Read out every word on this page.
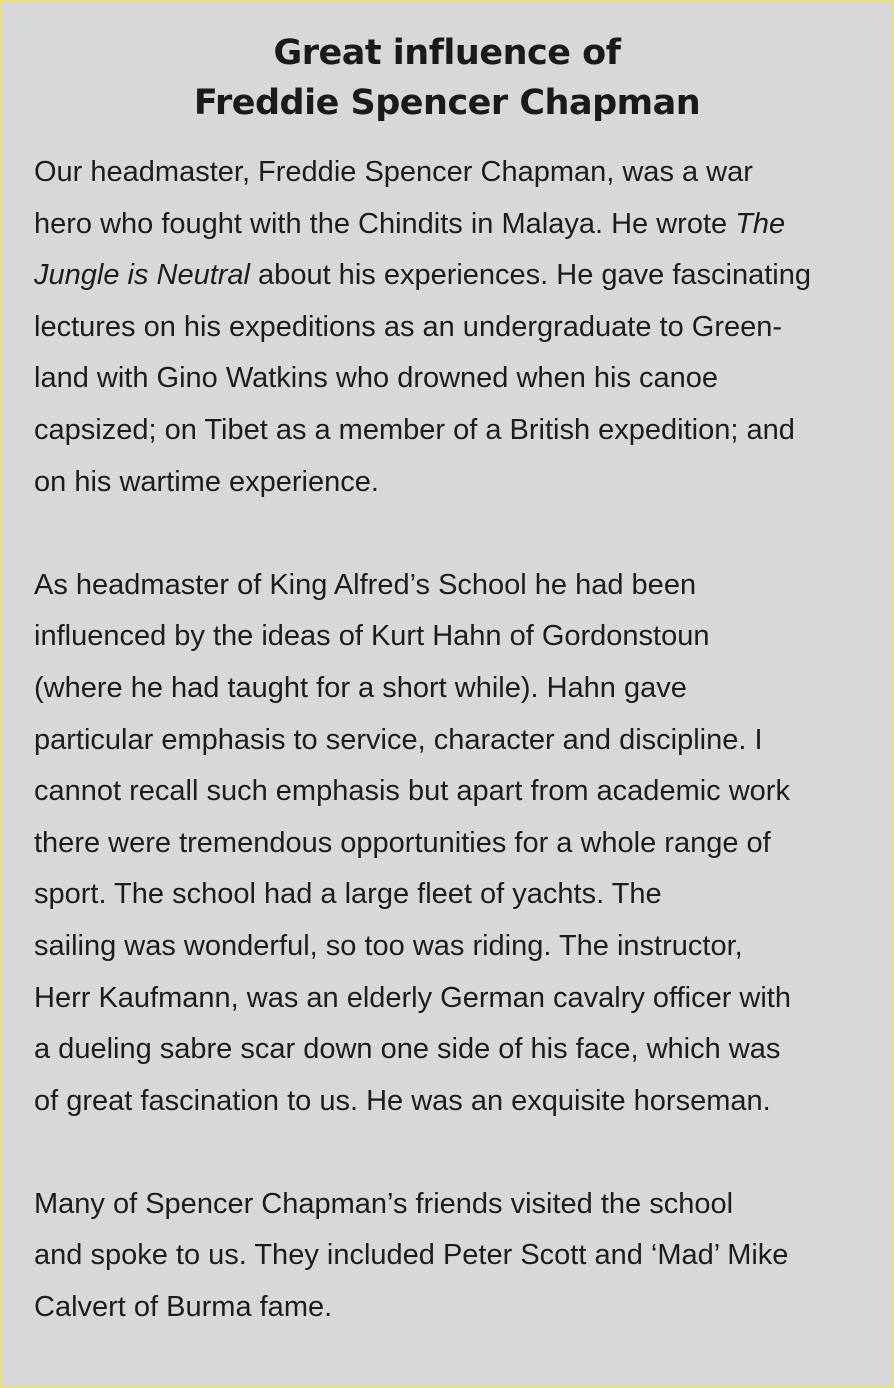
Great influence of
Freddie Spencer Chapman

Our headmaster, Freddie Spencer Chapman, was a war
hero who fought with the Chindits in Malaya. He wrote The
Jungle is Neutral about his experiences. He gave fascinating
lectures on his expeditions as an undergraduate to Green-
land with Gino Watkins who drowned when his canoe
capsized; on Tibet as a member of a British expedition; and
on his wartime experience.

As headmaster of King Alfred’s School he had been
influenced by the ideas of Kurt Hahn of Gordonstoun
(where he had taught for a short while). Hahn gave
particular emphasis to service, character and discipline. I
cannot recall such emphasis but apart from academic work
there were tremendous opportunities for a whole range of
sport. The school had a large fleet of yachts. The
sailing was wonderful, so too was riding. The instructor,
Herr Kaufmann, was an elderly German cavalry officer with
a dueling sabre scar down one side of his face, which was
of great fascination to us. He was an exquisite horseman.

Many of Spencer Chapman’s friends visited the school
and spoke to us. They included Peter Scott and ‘Mad’ Mike
Calvert of Burma fame.
